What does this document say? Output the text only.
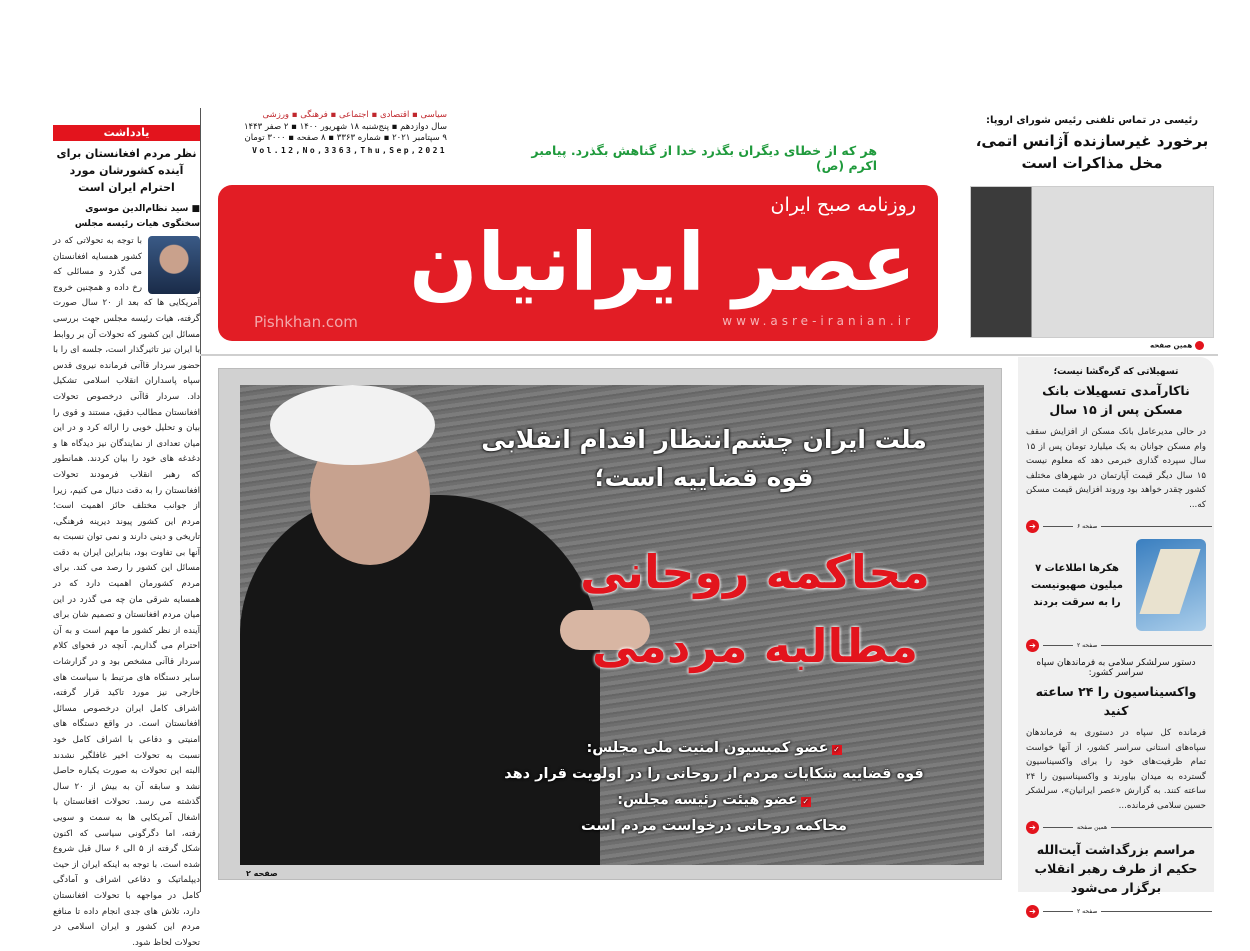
یادداشت
نظر مردم افغانستان برای آینده کشورشان مورد احترام ایران است
■ سید نظام‌الدین موسوی
سخنگوی هیات رئیسه مجلس
با توجه به تحولاتی که در کشور همسایه افغانستان می گذرد و مسائلی که رخ داده و همچنین خروج آمریکایی ها که بعد از ۲۰ سال صورت گرفته، هیات رئیسه مجلس جهت بررسی مسائل این کشور که تحولات آن بر روابط با ایران نیز تاثیرگذار است، جلسه ای را با حضور سردار قاآنی فرمانده نیروی قدس سپاه پاسداران انقلاب اسلامی تشکیل داد. سردار قاآنی درخصوص تحولات افغانستان مطالب دقیق، مستند و قوی را بیان و تحلیل خوبی را ارائه کرد و در این میان تعدادی از نمایندگان نیز دیدگاه ها و دغدغه های خود را بیان کردند. همانطور که رهبر انقلاب فرمودند تحولات افغانستان را به دقت دنبال می کنیم، زیرا از جوانب مختلف حائز اهمیت است؛ مردم این کشور پیوند دیرینه فرهنگی، تاریخی و دینی دارند و نمی توان نسبت به آنها بی تفاوت بود، بنابراین ایران به دقت مسائل این کشور را رصد می کند. برای مردم کشورمان اهمیت دارد که در همسایه شرقی مان چه می گذرد در این میان مردم افغانستان و تصمیم شان برای آینده از نظر کشور ما مهم است و به آن احترام می گذاریم. آنچه در فحوای کلام سردار قاآنی مشخص بود و در گزارشات سایر دستگاه های مرتبط با سیاست های خارجی نیز مورد تاکید قرار گرفته، اشراف کامل ایران درخصوص مسائل افغانستان است. در واقع دستگاه های امنیتی و دفاعی با اشراف کامل خود نسبت به تحولات اخیر غافلگیر نشدند البته این تحولات به صورت یکباره حاصل نشد و سابقه آن به بیش از ۲۰ سال گذشته می رسد. تحولات افغانستان با اشغال آمریکایی ها به سمت و سویی رفته، اما دگرگونی سیاسی که اکنون شکل گرفته از ۵ الی ۶ سال قبل شروع شده است. با توجه به اینکه ایران از حیث دیپلماتیک و دفاعی اشراف و آمادگی کامل در مواجهه با تحولات افغانستان دارد، تلاش های جدی انجام داده تا منافع مردم این کشور و ایران اسلامی در تحولات لحاظ شود.
سیاسی ▪ اقتصادی ▪ اجتماعی ▪ فرهنگی ▪ ورزشی
سال دوازدهم ▪ پنج‌شنبه ۱۸ شهریور ۱۴۰۰ ▪ ۲ صفر ۱۴۴۳
۹ سپتامبر ۲۰۲۱ ▪ شماره ۳۳۶۳ ▪ ۸ صفحه ▪ ۳۰۰۰ تومان
Vol.12,No,3363,Thu,Sep,2021	هر که از خطای دیگران بگذرد خدا از گناهش بگذرد. پیامبر اکرم (ص)
روزنامه صبح ایران
عصر ایرانیان
www.asre-iranian.ir
Pishkhan.com
رئیسی در تماس تلفنی رئیس شورای اروپا:
برخورد غیرسازنده آژانس اتمی، مخل مذاکرات است
همین صفحه
ملت ایران چشم‌انتظار اقدام انقلابی قوه قضاییه است؛
محاکمه روحانی
مطالبه مردمی
✓عضو کمیسیون امنیت ملی مجلس:
قوه قضاییه شکایات مردم از روحانی را در اولویت قرار دهد
✓عضو هیئت رئیسه مجلس:
محاکمه روحانی درخواست مردم است
صفحه ۲
تسهیلاتی که گره‌گشا نیست؛
ناکارآمدی تسهیلات بانک مسکن پس از ۱۵ سال
در حالی مدیرعامل بانک مسکن از افزایش سقف وام مسکن جوانان به یک میلیارد تومان پس از ۱۵ سال سپرده گذاری خبرمی دهد که معلوم نیست ۱۵ سال دیگر قیمت آپارتمان در شهرهای مختلف کشور چقدر خواهد بود وروند افزایش قیمت مسکن که...
➔	صفحه ۶
هکرها اطلاعات ۷ میلیون صهیونیست را به سرقت بردند
➔	صفحه ۲
دستور سرلشکر سلامی به فرماندهان سپاه سراسر کشور:
واکسیناسیون را ۲۴ ساعته کنید
فرمانده کل سپاه در دستوری به فرماندهان سپاه‌های استانی سراسر کشور، از آنها خواست تمام ظرفیت‌های خود را برای واکسیناسیون گسترده به میدان بیاورند و واکسیناسیون را ۲۴ ساعته کنند. به گزارش «عصر ایرانیان»، سرلشکر حسین سلامی فرمانده...
➔	همین صفحه
مراسم بزرگداشت آیت‌الله حکیم از طرف رهبر انقلاب برگزار می‌شود
➔	صفحه ۲
